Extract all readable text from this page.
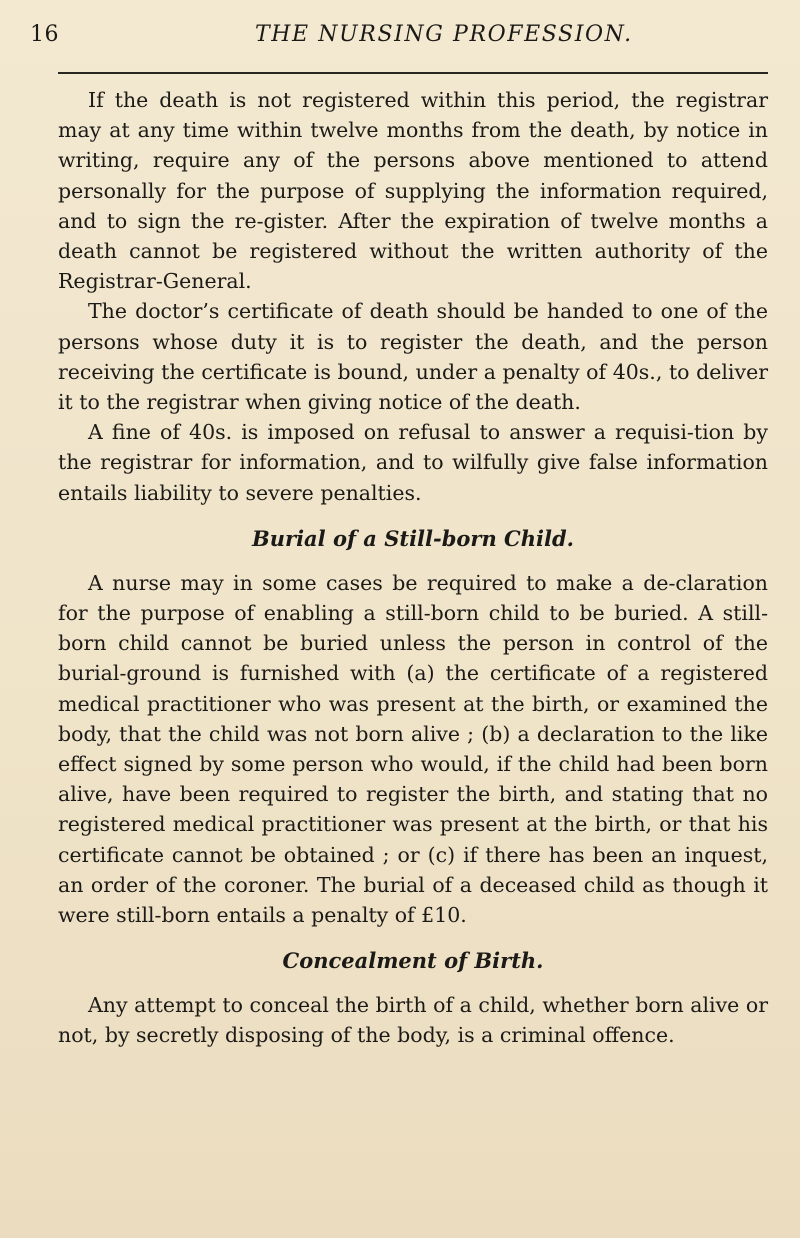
16	THE NURSING PROFESSION.

If the death is not registered within this period, the registrar may at any time within twelve months from the death, by notice in writing, require any of the persons above mentioned to attend personally for the purpose of supplying the information required, and to sign the re-gister. After the expiration of twelve months a death cannot be registered without the written authority of the Registrar-General.

The doctor’s certificate of death should be handed to one of the persons whose duty it is to register the death, and the person receiving the certificate is bound, under a penalty of 40s., to deliver it to the registrar when giving notice of the death.

A fine of 40s. is imposed on refusal to answer a requisi-tion by the registrar for information, and to wilfully give false information entails liability to severe penalties.

Burial of a Still-born Child.

A nurse may in some cases be required to make a de-claration for the purpose of enabling a still-born child to be buried. A still-born child cannot be buried unless the person in control of the burial-ground is furnished with (a) the certificate of a registered medical practitioner who was present at the birth, or examined the body, that the child was not born alive ; (b) a declaration to the like effect signed by some person who would, if the child had been born alive, have been required to register the birth, and stating that no registered medical practitioner was present at the birth, or that his certificate cannot be obtained ; or (c) if there has been an inquest, an order of the coroner. The burial of a deceased child as though it were still-born entails a penalty of £10.

Concealment of Birth.

Any attempt to conceal the birth of a child, whether born alive or not, by secretly disposing of the body, is a criminal offence.
